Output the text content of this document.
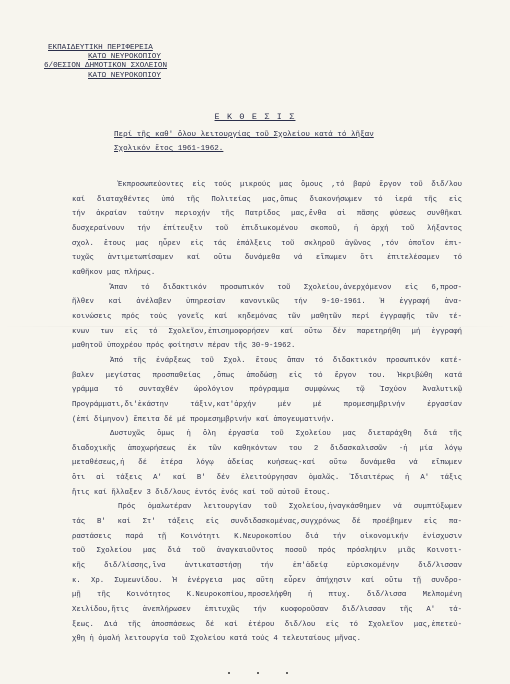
ΕΚΠΑΙΔΕΥΤΙΚΗ ΠΕΡΙΦΕΡΕΙΑ
ΚΑΤΩ ΝΕΥΡΟΚΟΠΙΟΥ
6/ΘΕΣΙΟΝ ΔΗΜΟΤΙΚΟΝ ΣΧΟΛΕΙΟΝ
ΚΑΤΩ ΝΕΥΡΟΚΟΠΙΟΥ
Ε Κ Θ Ε Σ Ι Σ
Περί τῆς καθ' ὅλου λειτουργίας τοῦ Σχολείου κατά τό λῆξαν
Σχολικόν ἔτος 1961-1962.
Ἐκπροσωπεύοντες εἰς τούς μικρούς μας ὅμους ,τό βαρύ ἔργον τοῦ διδ/λου
καί διαταχθέντες ὑπό τῆς Πολιτείας μας,ὅπως διακονήσωμεν τό ἱερά τῆς εἰς
τήν ἀκραίαν ταύτην περιοχήν τῆς Πατρίδος μας,ἔνθα αἱ πᾶσης φύσεως συνθῆκαι
δυσχεραίνουν τήν ἐπίτευξιν τοῦ ἐπιδιωκομένου σκοποῦ, ἡ ἀρχή τοῦ λήξαντος
σχολ. ἔτους μας ηὗρεν εἰς τάς ἐπάλξεις τοῦ σκληροῦ ἀγῶνος ,τόν ὁποῖον ἐπι-
τυχῶς ἀντιμετωπίσαμεν καί οὕτω δυνάμεθα νά εἴπωμεν ὅτι ἐπιτελέσαμεν τό
καθῆκον μας πλήρως.
Ἅπαν τό διδακτικόν προσωπικόν τοῦ Σχολείου,ἀνερχόμενον εἰς 6,προσ-
ῆλθεν καί ἀνέλαβεν ὑπηρεσίαν κανονικῶς τήν 9-10-1961. Ἡ ἐγγραφή ἀνα-
κοινώσεις πρός τούς γονεῖς καί κηδεμόνας τῶν μαθητῶν περί ἐγγραφῆς τῶν τέ-
κνων των εἰς τό Σχολεῖον,ἐπισημοφορήσεν καί οὕτω δέν παρετηρήθη μή ἐγγραφή
μαθητοῦ ὑποχρέου πρός φοίτησιν πέραν τῆς 30-9-1962.
Ἀπό τῆς ἐνάρξεως τοῦ Σχολ. ἔτους ἅπαν τό διδακτικόν προσωπικόν κατέ-
βαλεν μεγίστας προσπαθείας ,ὅπως ἀποδώσῃ εἰς τό ἔργον του. Ἠκριβώθη κατά
γράμμα τό συνταχθέν ὡρολόγιον πρόγραμμα συμφώνως τῷ Ἰσχύον Ἀναλυτικῷ
Προγράμματι,δι'ἑκάστην τάξιν,κατ'ἀρχήν μέν μέ προμεσημβρινήν ἐργασίαν
(ἐπί δίμηνον) ἔπειτα δέ μέ προμεσημβρινήν καί ἀπογευματινήν.
Δυστυχῶς ὅμως ἡ ὅλη ἐργασία τοῦ Σχολείου μας διεταράχθη διά τῆς
διαδοχικῆς ἀποχωρήσεως ἐκ τῶν καθηκόντων του 2 διδασκαλισσῶν -ἡ μία λόγῳ
μεταθέσεως,ἡ δέ ἑτέρα λόγῳ ἀδείας κυήσεως-καί οὕτω δυνάμεθα νά εἴπωμεν
ὅτι αἱ τάξεις Α' καί Β' δέν ἐλειτούργησαν ὁμαλῶς. Ἰδιαιτέρως ἡ Α' τάξις
ἥτις καί ἤλλαξεν 3 διδ/λους ἐντός ἑνός καί τοῦ αὐτοῦ ἔτους.
Πρός ὁμαλωτέραν λειτουργίαν τοῦ Σχολείου,ἠναγκάσθημεν νά συμπτύξωμεν
τάς Β' καί Στ' τάξεις εἰς συνδιδασκομένας,συγχρόνως δέ προέβημεν εἰς πα-
ραστάσεις παρά τῇ Κοινότητι Κ.Νευροκοπίου διά τήν οἰκονομικήν ἐνίσχυσιν
τοῦ Σχολείου μας διά τοῦ ἀναγκαιοῦντος ποσοῦ πρός πρόσληψιν μιᾶς Κοινοτι-
κῆς διδ/λίσσης,ἵνα ἀντικαταστήσῃ τήν ἐπ'ἀδείᾳ εὑρισκομένην διδ/λισσαν
κ. Χρ. Συμεωνίδου. Ἡ ἐνέργεια μας αὕτη εὗρεν ἀπήχησιν καί οὕτω τῇ συνδρο-
μῇ τῆς Κοινότητος Κ.Νευροκοπίου,προσελήφθη ἡ πτυχ. διδ/λισσα Μελπομένη
Χειλίδου,ἥτις ἀνεπλήρωσεν ἐπιτυχῶς τήν κυοφοροῦσαν διδ/λισσαν τῆς Α' τά-
ξεως. Διά τῆς ἀποσπάσεως δέ καί ἑτέρου διδ/λου εἰς τό Σχολεῖον μας,ἐπετεύ-
χθη ἡ ὁμαλή λειτουργία τοῦ Σχολείου κατά τούς 4 τελευταίους μῆνας.
